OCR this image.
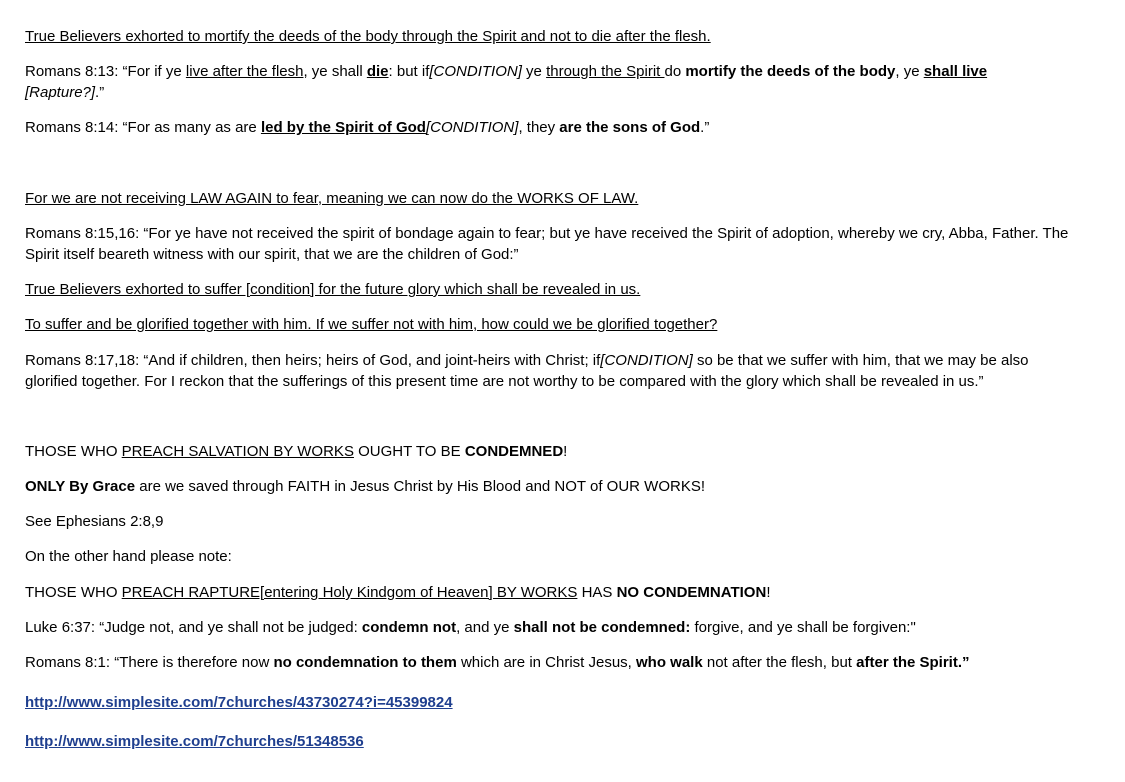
True Believers exhorted to mortify the deeds of the body through the Spirit and not to die after the flesh.

Romans 8:13: “For if ye live after the flesh, ye shall die: but if[CONDITION] ye through the Spirit do mortify the deeds of the body, ye shall live
[Rapture?].”

Romans 8:14: “For as many as are led by the Spirit of God[CONDITION], they are the sons of God.”

For we are not receiving LAW AGAIN to fear, meaning we can now do the WORKS OF LAW.

Romans 8:15,16: “For ye have not received the spirit of bondage again to fear; but ye have received the Spirit of adoption, whereby we cry, Abba, Father. The Spirit itself beareth witness with our spirit, that we are the children of God:”

True Believers exhorted to suffer [condition] for the future glory which shall be revealed in us.

To suffer and be glorified together with him. If we suffer not with him, how could we be glorified together?

Romans 8:17,18: “And if children, then heirs; heirs of God, and joint-heirs with Christ; if[CONDITION] so be that we suffer with him, that we may be also glorified together. For I reckon that the sufferings of this present time are not worthy to be compared with the glory which shall be revealed in us.”

THOSE WHO PREACH SALVATION BY WORKS OUGHT TO BE CONDEMNED!

ONLY By Grace are we saved through FAITH in Jesus Christ by His Blood and NOT of OUR WORKS!

See Ephesians 2:8,9

On the other hand please note:

THOSE WHO PREACH RAPTURE[entering Holy Kindgom of Heaven] BY WORKS HAS NO CONDEMNATION!

Luke 6:37: “Judge not, and ye shall not be judged: condemn not, and ye shall not be condemned: forgive, and ye shall be forgiven:"

Romans 8:1: “There is therefore now no condemnation to them which are in Christ Jesus, who walk not after the flesh, but after the Spirit.”

http://www.simplesite.com/7churches/43730274?i=45399824

http://www.simplesite.com/7churches/51348536
